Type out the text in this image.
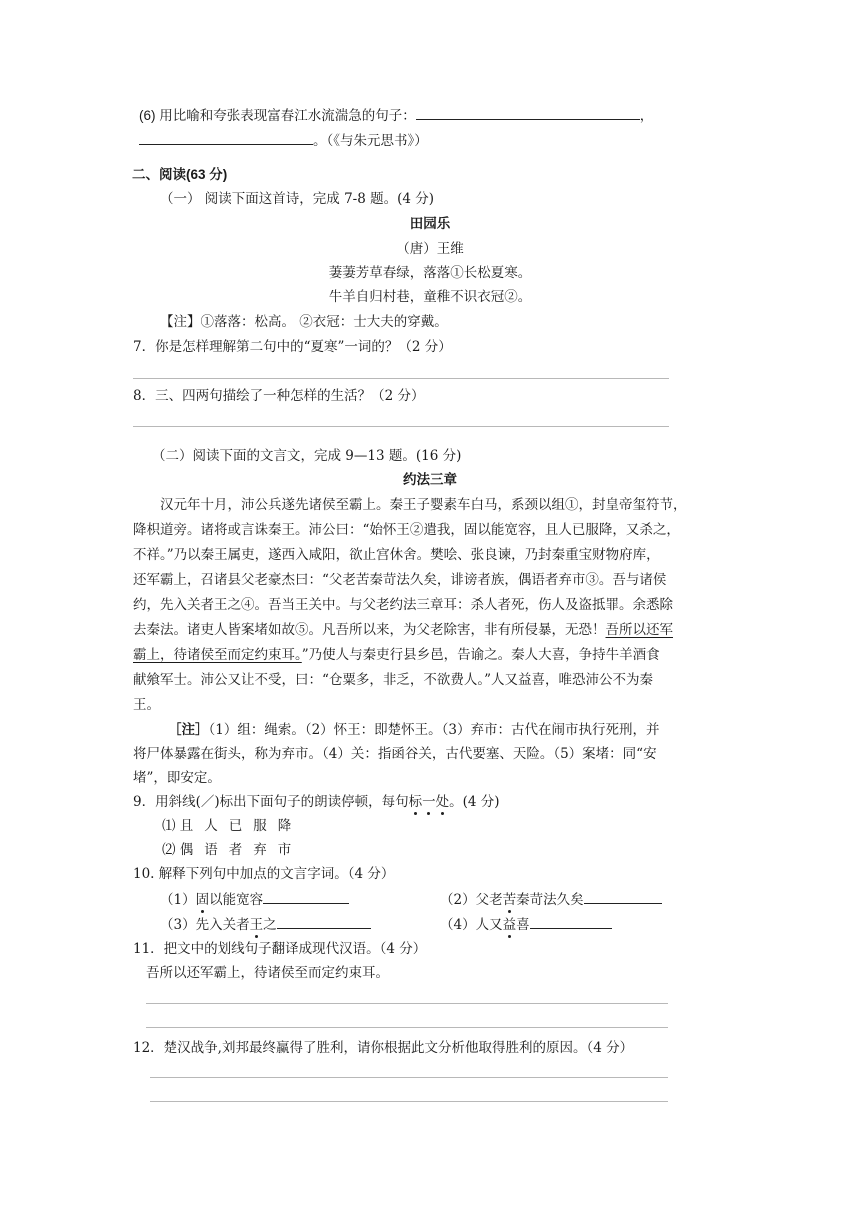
(6) 用比喻和夸张表现富春江水流湍急的句子：	，
。（《与朱元思书》）
二、阅读(63 分)
（一） 阅读下面这首诗，完成 7-8 题。(4 分)
田园乐
（唐）王维
萋萋芳草春绿，落落①长松夏寒。
牛羊自归村巷，童稚不识衣冠②。
【注】①落落：松高。 ②衣冠：士大夫的穿戴。
7．你是怎样理解第二句中的“夏寒”一词的？（2 分）
8．三、四两句描绘了一种怎样的生活？（2 分）
（二）阅读下面的文言文，完成 9—13 题。(16 分)
约法三章
汉元年十月，沛公兵遂先诸侯至霸上。秦王子婴素车白马，系颈以组①，封皇帝玺符节，
降枳道旁。诸将或言诛秦王。沛公曰：“始怀王②遣我，固以能宽容，且人已服降，又杀之，
不祥。”乃以秦王属吏，遂西入咸阳，欲止宫休舍。樊哙、张良谏，乃封秦重宝财物府库，
还军霸上，召诸县父老豪杰曰：“父老苦秦苛法久矣，诽谤者族，偶语者弃市③。吾与诸侯
约，先入关者王之④。吾当王关中。与父老约法三章耳：杀人者死，伤人及盗抵罪。余悉除
去秦法。诸吏人皆案堵如故⑤。凡吾所以来，为父老除害，非有所侵暴，无恐！吾所以还军
霸上，待诸侯至而定约束耳。”乃使人与秦吏行县乡邑，告谕之。秦人大喜，争持牛羊酒食
献飨军士。沛公又让不受，曰：“仓粟多，非乏，不欲费人。”人又益喜，唯恐沛公不为秦
王。
［注］（1）组：绳索。（2）怀王：即楚怀王。（3）弃市：古代在闹市执行死刑，并
将尸体暴露在街头，称为弃市。（4）关：指函谷关，古代要塞、天险。（5）案堵：同“安
堵”，即安定。
9．用斜线(／)标出下面句子的朗读停顿，每句标一处。(4 分)
⑴ 且人已服降
⑵ 偶语者弃市
10. 解释下列句中加点的文言字词。（4 分）
（1）固以能宽容	（2）父老苦秦苛法久矣
（3）先入关者王之	（4）人又益喜
11．把文中的划线句子翻译成现代汉语。（4 分）
吾所以还军霸上，待诸侯至而定约束耳。
12．楚汉战争,刘邦最终赢得了胜利，请你根据此文分析他取得胜利的原因。（4 分）
